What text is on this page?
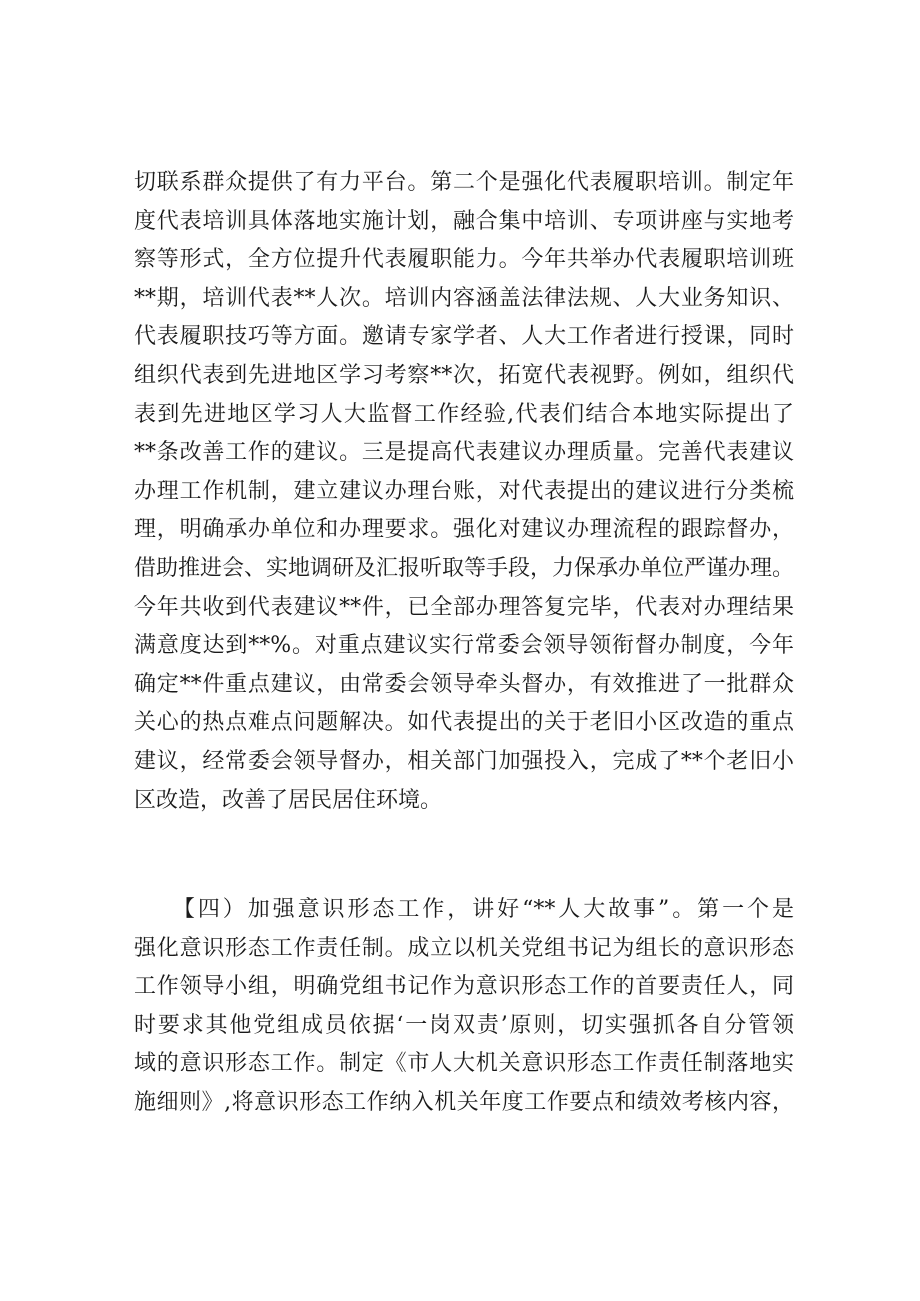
切联系群众提供了有力平台。第二个是强化代表履职培训。制定年
度代表培训具体落地实施计划，融合集中培训、专项讲座与实地考
察等形式，全方位提升代表履职能力。今年共举办代表履职培训班
**期，培训代表**人次。培训内容涵盖法律法规、人大业务知识、
代表履职技巧等方面。邀请专家学者、人大工作者进行授课，同时
组织代表到先进地区学习考察**次，拓宽代表视野。例如，组织代
表到先进地区学习人大监督工作经验,代表们结合本地实际提出了
**条改善工作的建议。三是提高代表建议办理质量。完善代表建议
办理工作机制，建立建议办理台账，对代表提出的建议进行分类梳
理，明确承办单位和办理要求。强化对建议办理流程的跟踪督办，
借助推进会、实地调研及汇报听取等手段，力保承办单位严谨办理。
今年共收到代表建议**件，已全部办理答复完毕，代表对办理结果
满意度达到**%。对重点建议实行常委会领导领衔督办制度，今年
确定**件重点建议，由常委会领导牵头督办，有效推进了一批群众
关心的热点难点问题解决。如代表提出的关于老旧小区改造的重点
建议，经常委会领导督办，相关部门加强投入，完成了**个老旧小
区改造，改善了居民居住环境。
　　【四）加强意识形态工作，讲好“**人大故事”。第一个是
强化意识形态工作责任制。成立以机关党组书记为组长的意识形态
工作领导小组，明确党组书记作为意识形态工作的首要责任人，同
时要求其他党组成员依据‘一岗双责’原则，切实强抓各自分管领
域的意识形态工作。制定《市人大机关意识形态工作责任制落地实
施细则》,将意识形态工作纳入机关年度工作要点和绩效考核内容，
